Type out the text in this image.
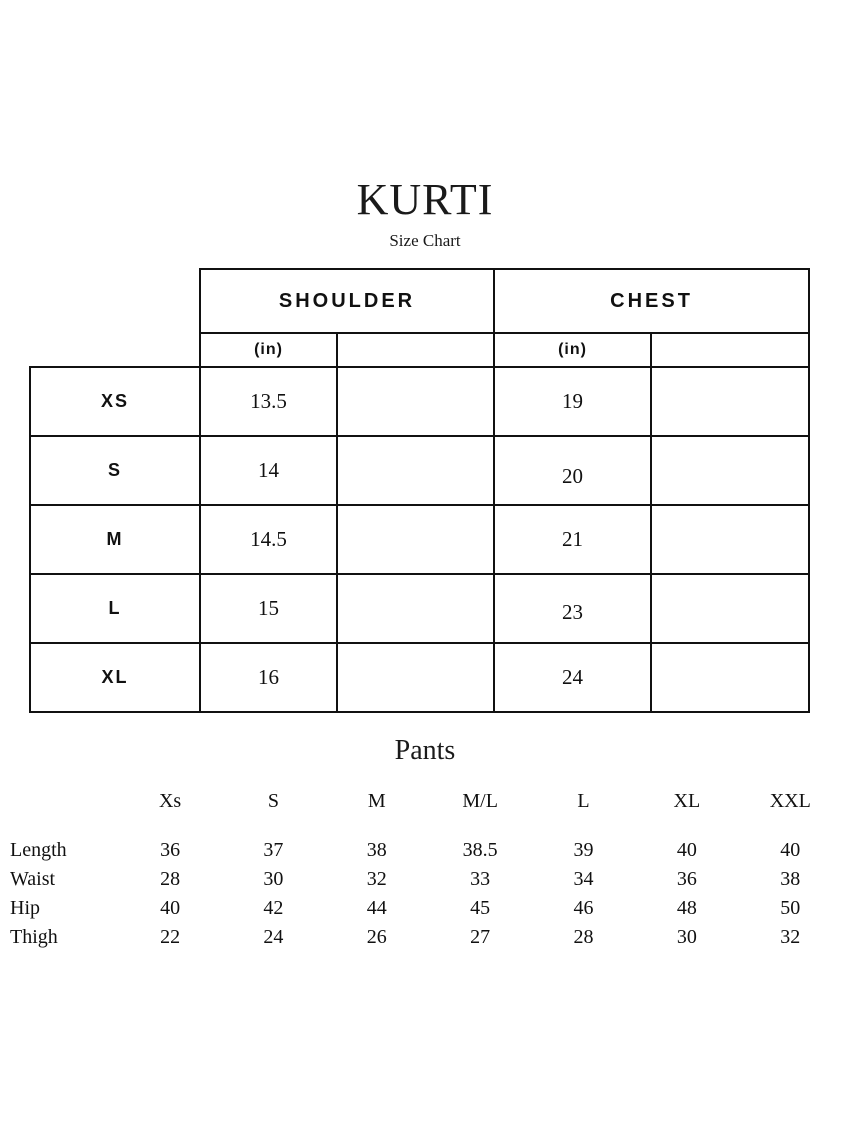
KURTI
Size Chart
	SHOULDER		CHEST	
	(in)		(in)	
XS	13.5		19	
S	14		20	
M	14.5		21	
L	15		23	
XL	16		24	
Pants
	Xs	S	M	M/L	L	XL	XXL
Length	36	37	38	38.5	39	40	40
Waist	28	30	32	33	34	36	38
Hip	40	42	44	45	46	48	50
Thigh	22	24	26	27	28	30	32
